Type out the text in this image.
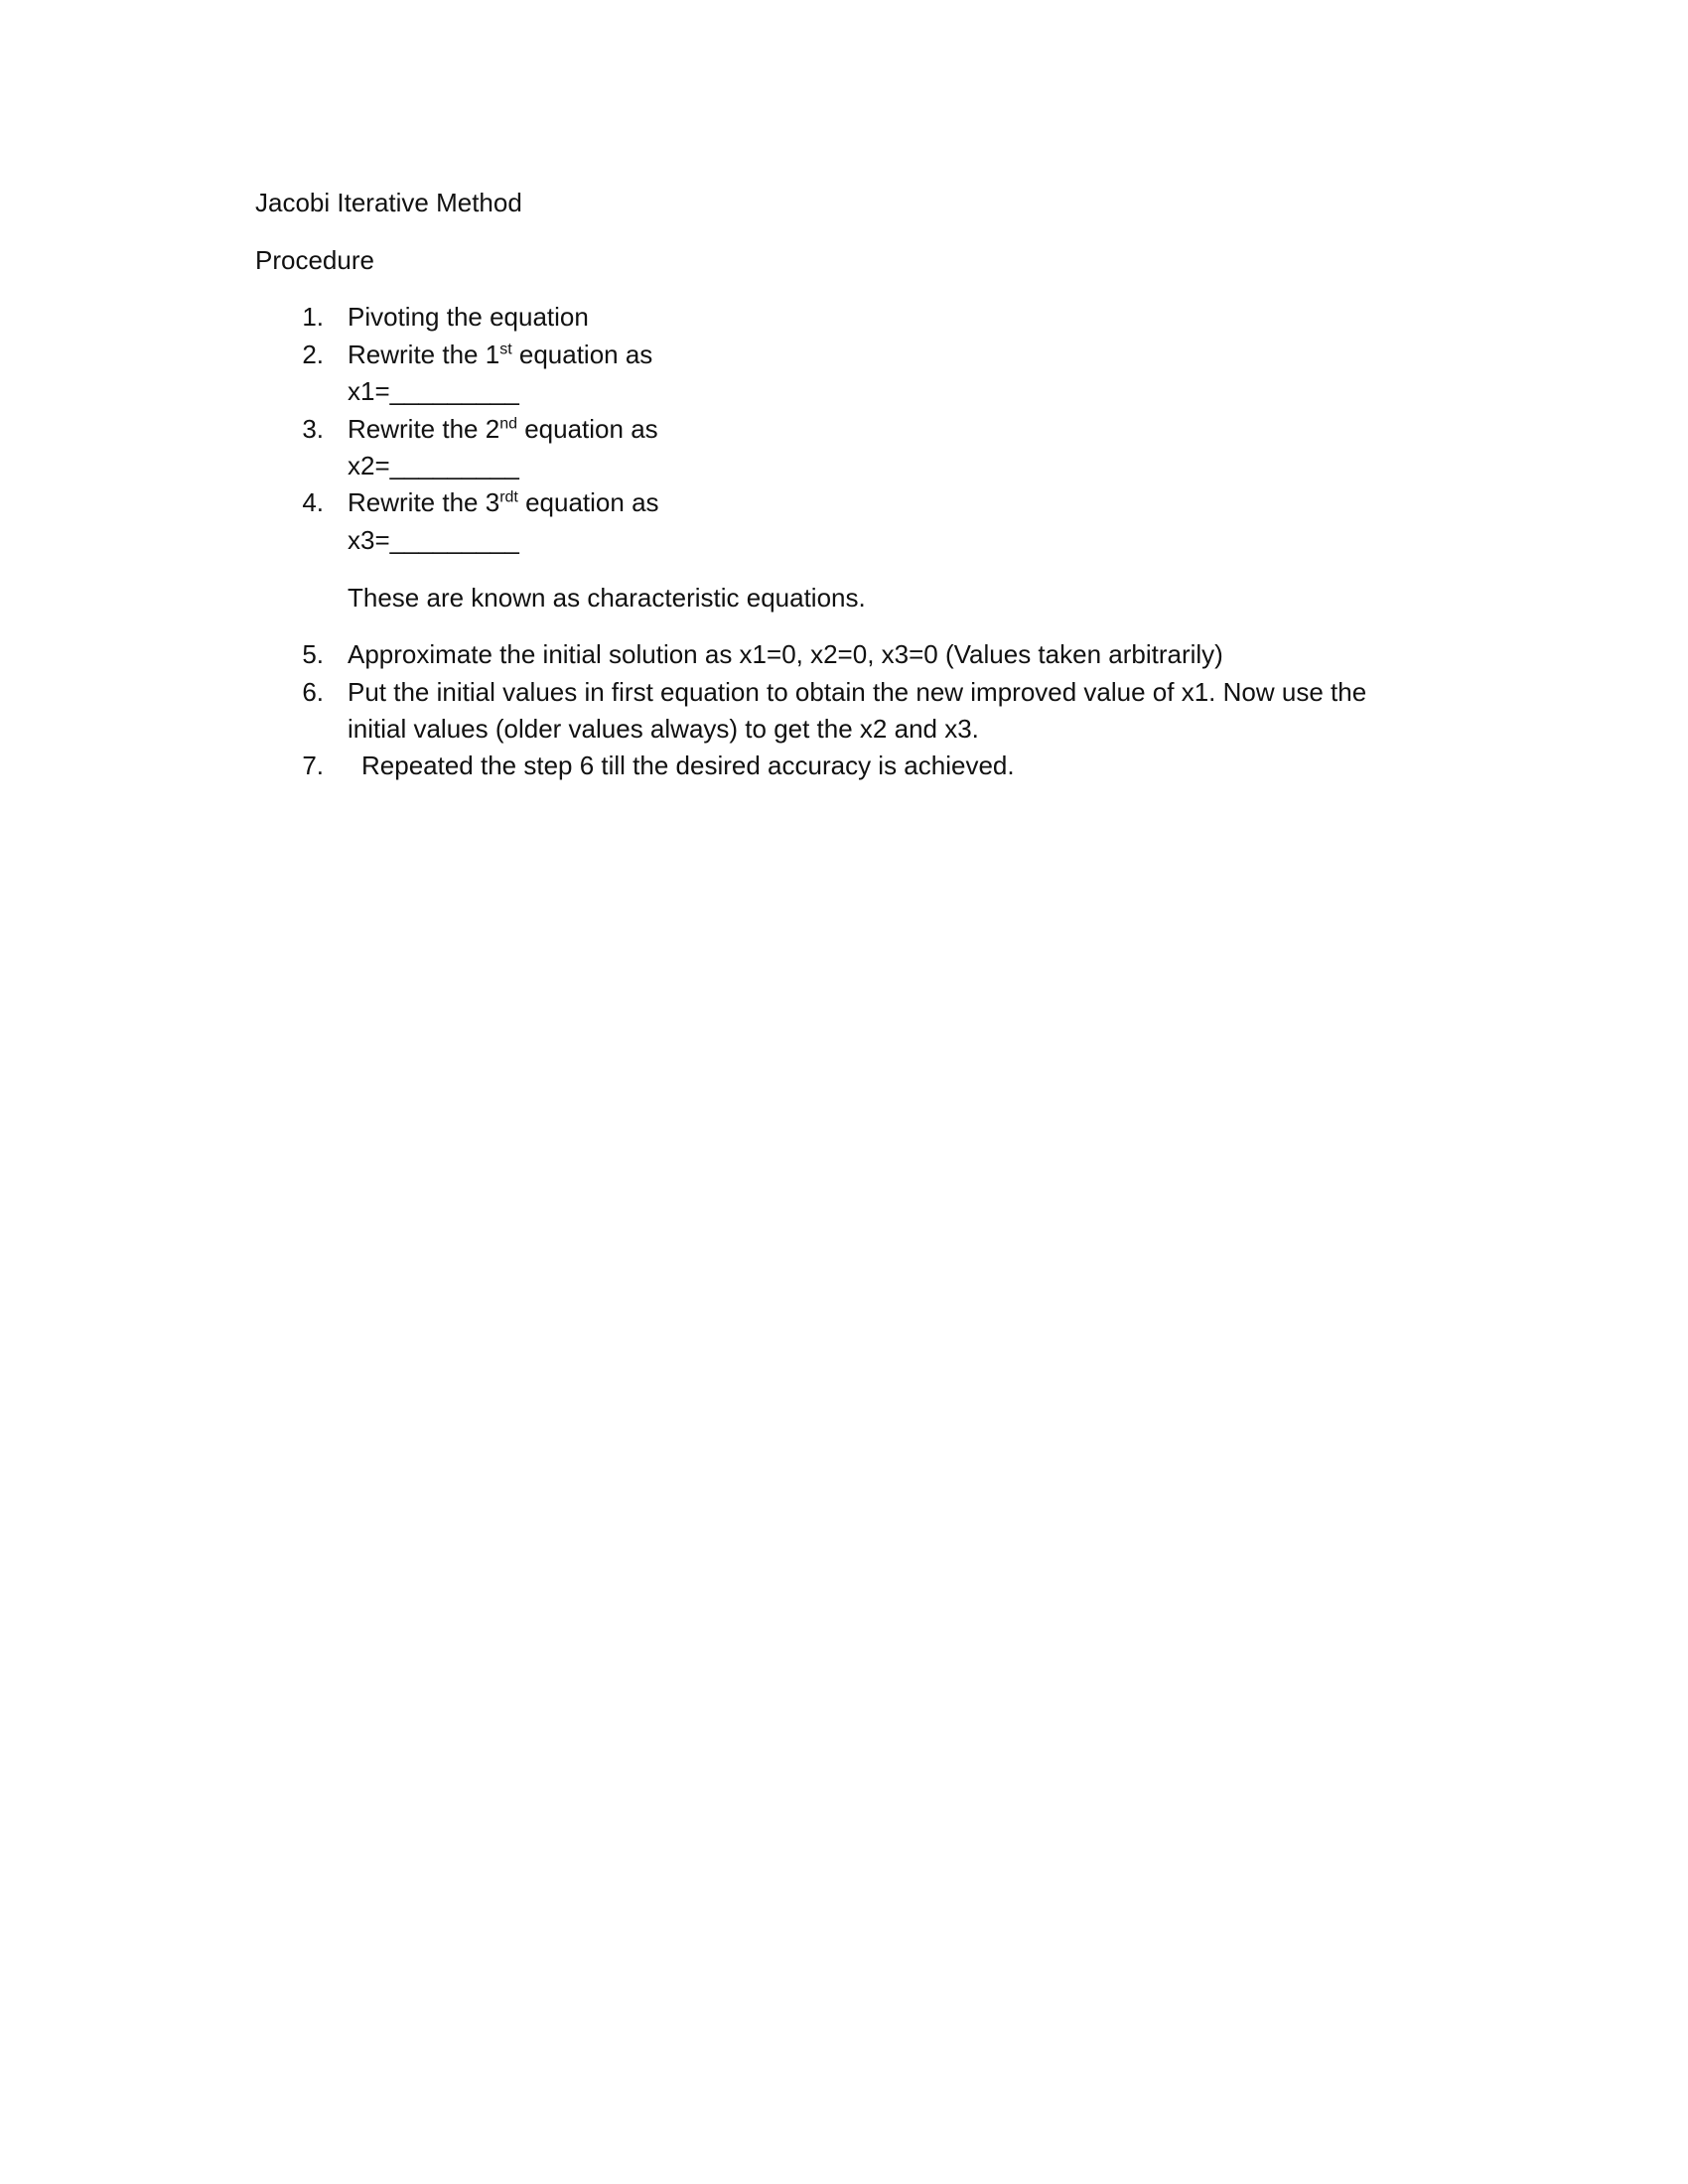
Jacobi Iterative Method
Procedure
1. Pivoting the equation
2. Rewrite the 1st equation as
x1=_________
3. Rewrite the 2nd equation as
x2=_________
4. Rewrite the $3^{rdt}$ equation as
x3=_________
These are known as characteristic equations.
5. Approximate the initial solution as x1=0, x2=0, x3=0 (Values taken arbitrarily)
6. Put the initial values in first equation to obtain the new improved value of x1. Now use the
initial values (older values always) to get the x2 and x3.
7. Repeated the step 6 till the desired accuracy is achieved.
